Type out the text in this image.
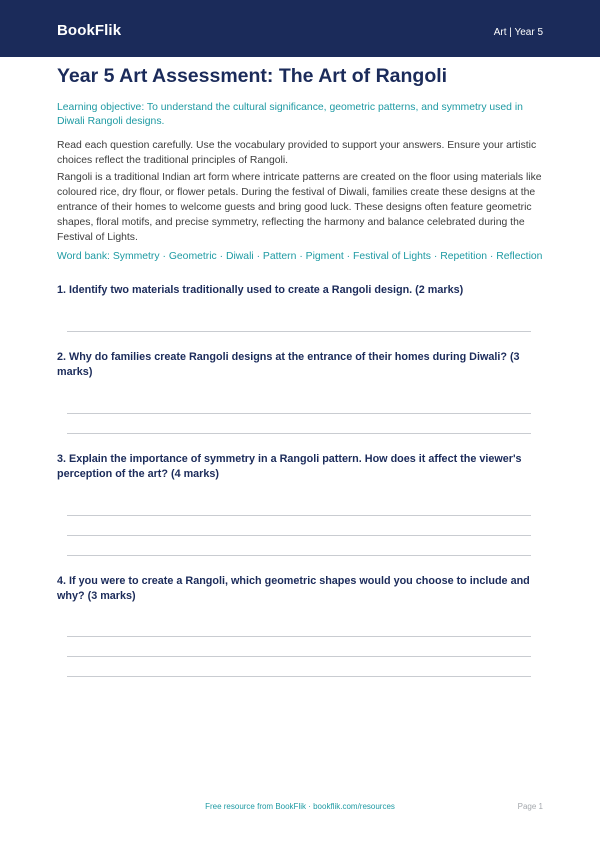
BookFlik	Art | Year 5
Year 5 Art Assessment: The Art of Rangoli
Learning objective: To understand the cultural significance, geometric patterns, and symmetry used in Diwali Rangoli designs.
Read each question carefully. Use the vocabulary provided to support your answers. Ensure your artistic choices reflect the traditional principles of Rangoli.
Rangoli is a traditional Indian art form where intricate patterns are created on the floor using materials like coloured rice, dry flour, or flower petals. During the festival of Diwali, families create these designs at the entrance of their homes to welcome guests and bring good luck. These designs often feature geometric shapes, floral motifs, and precise symmetry, reflecting the harmony and balance celebrated during the Festival of Lights.
Word bank: Symmetry · Geometric · Diwali · Pattern · Pigment · Festival of Lights · Repetition · Reflection
1. Identify two materials traditionally used to create a Rangoli design. (2 marks)
2. Why do families create Rangoli designs at the entrance of their homes during Diwali? (3 marks)
3. Explain the importance of symmetry in a Rangoli pattern. How does it affect the viewer's perception of the art? (4 marks)
4. If you were to create a Rangoli, which geometric shapes would you choose to include and why? (3 marks)
Free resource from BookFlik · bookflik.com/resources	Page 1
